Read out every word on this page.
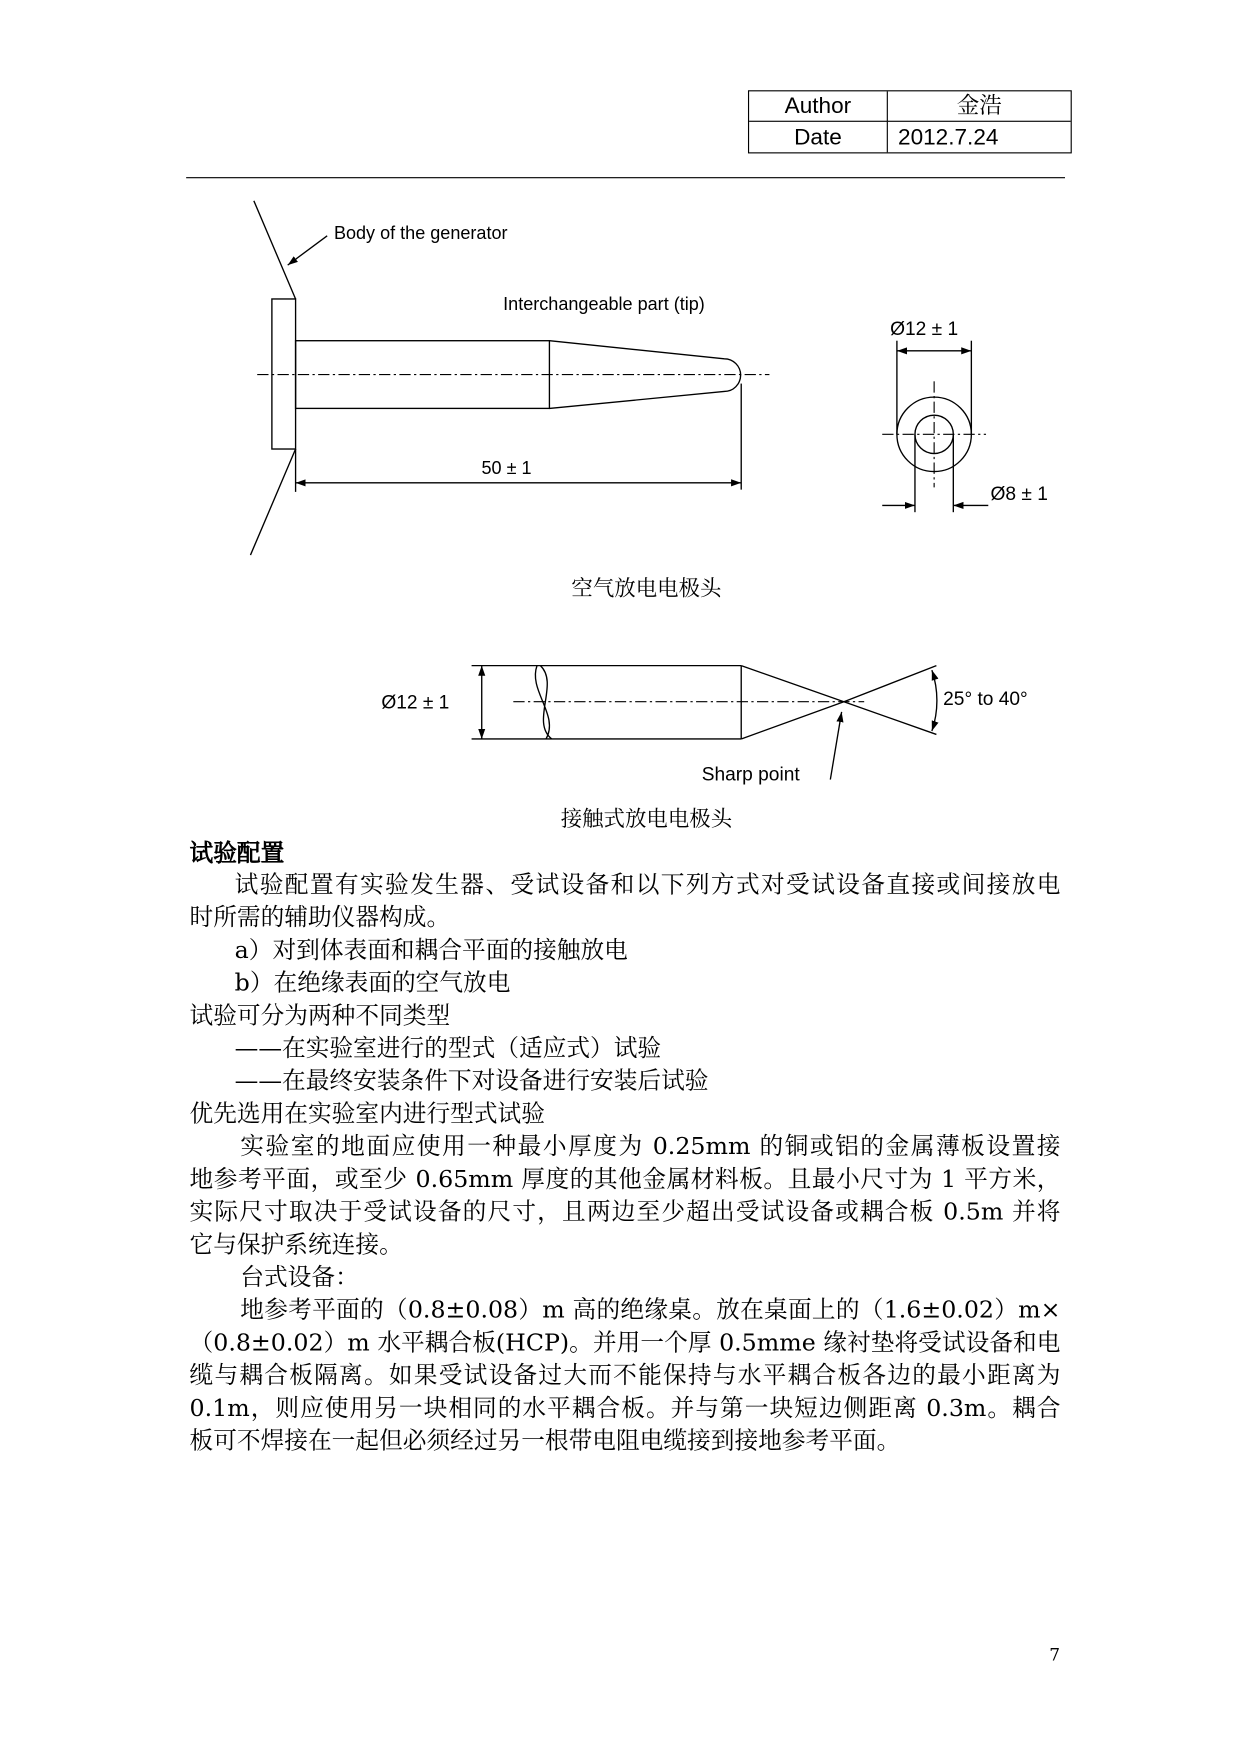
Author	金浩
Date	2012.7.24
Body of the generator
Interchangeable part (tip)
50 ± 1
Ø12 ± 1
Ø8 ± 1
空气放电电极头
Ø12 ± 1	25° to 40°
Sharp point
接触式放电电极头
试验配置
试验配置有实验发生器、受试设备和以下列方式对受试设备直接或间接放电
时所需的辅助仪器构成。
a）对到体表面和耦合平面的接触放电
b）在绝缘表面的空气放电
试验可分为两种不同类型
——在实验室进行的型式（适应式）试验
——在最终安装条件下对设备进行安装后试验
优先选用在实验室内进行型式试验
实验室的地面应使用一种最小厚度为 0.25mm 的铜或铝的金属薄板设置接
地参考平面，或至少 0.65mm 厚度的其他金属材料板。且最小尺寸为 1 平方米，
实际尺寸取决于受试设备的尺寸，且两边至少超出受试设备或耦合板 0.5m 并将
它与保护系统连接。
台式设备：
地参考平面的（0.8±0.08）m 高的绝缘桌。放在桌面上的（1.6±0.02）m×
（0.8±0.02）m 水平耦合板(HCP)。并用一个厚 0.5mme 缘衬垫将受试设备和电
缆与耦合板隔离。如果受试设备过大而不能保持与水平耦合板各边的最小距离为
0.1m，则应使用另一块相同的水平耦合板。并与第一块短边侧距离 0.3m。耦合
板可不焊接在一起但必须经过另一根带电阻电缆接到接地参考平面。
7
